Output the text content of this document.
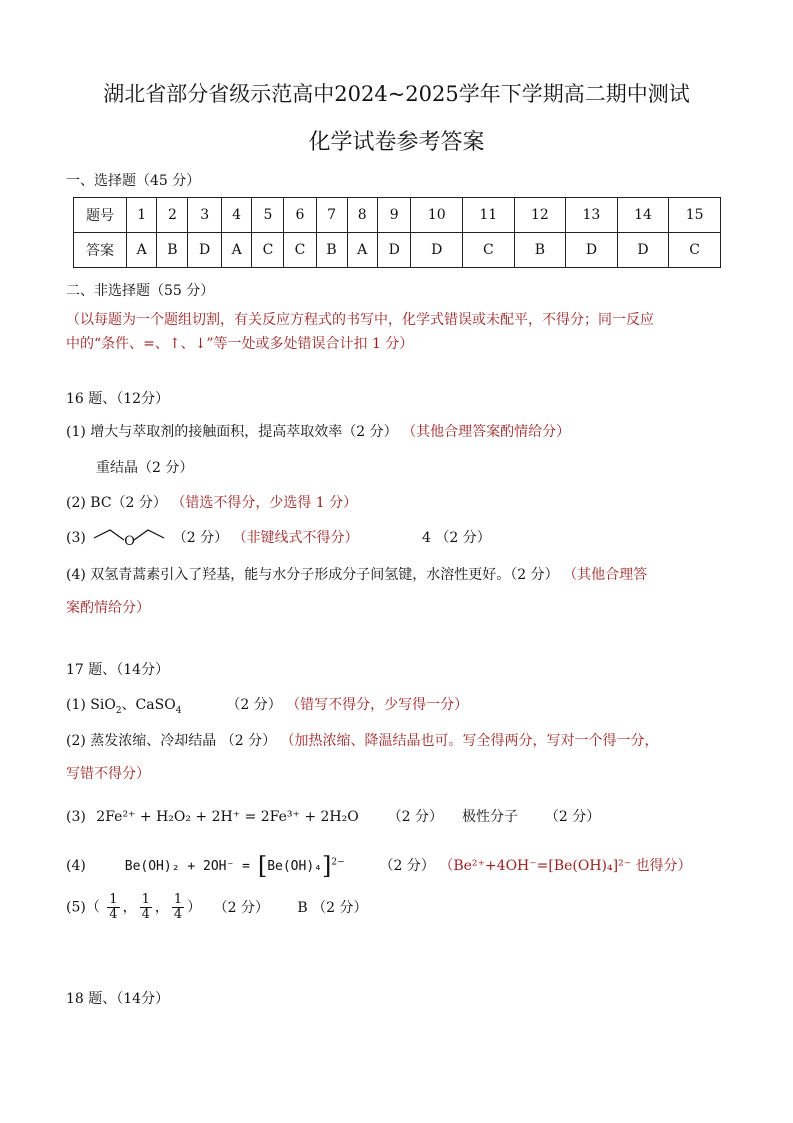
湖北省部分省级示范高中2024~2025学年下学期高二期中测试
化学试卷参考答案
一、选择题（45 分）
题号	1	2	3	4	5	6	7	8	9	10	11	12	13	14	15
答案	A	B	D	A	C	C	B	A	D	D	C	B	D	D	C
二、非选择题（55 分）
（以每题为一个题组切割，有关反应方程式的书写中，化学式错误或未配平，不得分；同一反应
中的“条件、=、↑、↓”等一处或多处错误合计扣 1 分）
16 题、（12分）
(1) 增大与萃取剂的接触面积，提高萃取效率（2 分） （其他合理答案酌情给分）
重结晶（2 分）
(2) BC（2 分） （错选不得分，少选得 1 分）
(3)	O	（2 分） （非键线式不得分）	4 （2 分）
(4) 双氢青蒿素引入了羟基，能与水分子形成分子间氢键，水溶性更好。（2 分） （其他合理答
案酌情给分）
17 题、（14分）
(1) SiO$_2$、CaSO$_4$	（2 分） （错写不得分，少写得一分）
(2) 蒸发浓缩、冷却结晶 （2 分） （加热浓缩、降温结晶也可。写全得两分，写对一个得一分，
写错不得分）
(3) 2Fe²⁺ + H₂O₂ + 2H⁺ = 2Fe³⁺ + 2H₂O （2 分） 极性分子 （2 分）
(4)	$Be(OH)_2 + 2OH^- = [Be(OH)_4]^{2-}$ （2 分） （Be²⁺+4OH⁻=[Be(OH)₄]²⁻ 也得分）
$(5)( \frac{1}{4}$ ， $\frac{1}{4}$ ， $\frac{1}{4}$ ） （2 分） B （2 分）
18 题、（14分）
